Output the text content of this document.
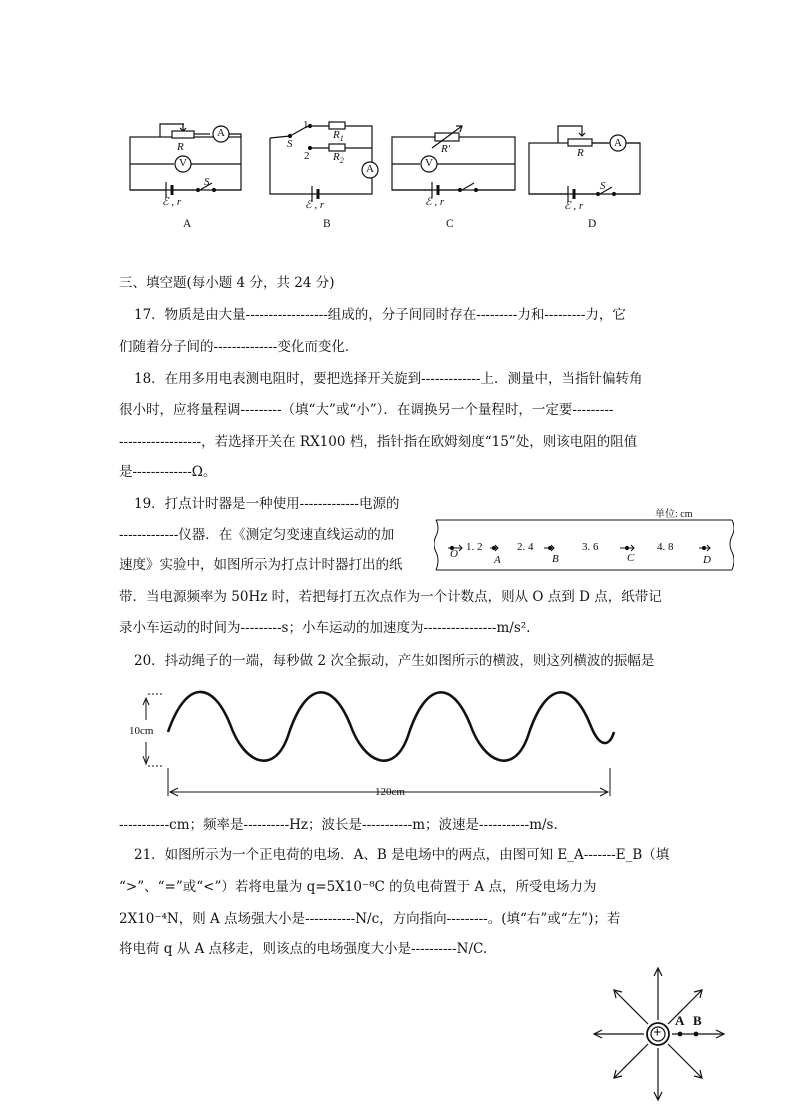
A
V
R
S
ℰ , r
1
2
S
$R_1$
$R_2$
A
ℰ , r
R′
V
ℰ , r
R
A
S
ℰ , r
A	B	C	D
三、填空题(每小题 4 分，共 24 分)
17．物质是由大量‑‑‑‑‑‑‑‑‑‑‑‑‑‑‑‑‑‑组成的，分子间同时存在‑‑‑‑‑‑‑‑‑力和‑‑‑‑‑‑‑‑‑力，它
们随着分子间的‑‑‑‑‑‑‑‑‑‑‑‑‑‑变化而变化．
18．在用多用电表测电阻时，要把选择开关旋到‑‑‑‑‑‑‑‑‑‑‑‑‑上．测量中，当指针偏转角
很小时，应将量程调‑‑‑‑‑‑‑‑‑（填“大”或“小”）．在调换另一个量程时，一定要‑‑‑‑‑‑‑‑‑
‑‑‑‑‑‑‑‑‑‑‑‑‑‑‑‑‑‑，若选择开关在 RX100 档，指针指在欧姆刻度“15”处，则该电阻的阻值
是‑‑‑‑‑‑‑‑‑‑‑‑‑Ω。
19．打点计时器是一种使用‑‑‑‑‑‑‑‑‑‑‑‑‑电源的
‑‑‑‑‑‑‑‑‑‑‑‑‑仪器．在《测定匀变速直线运动的加
速度》实验中，如图所示为打点计时器打出的纸
带．当电源频率为 50Hz 时，若把每打五次点作为一个计数点，则从 O 点到 D 点，纸带记
录小车运动的时间为‑‑‑‑‑‑‑‑‑s；小车运动的加速度为‑‑‑‑‑‑‑‑‑‑‑‑‑‑‑‑m/s².
单位: cm
1. 2	2. 4	3. 6	4. 8
O	A	B	C	D
20．抖动绳子的一端，每秒做 2 次全振动，产生如图所示的横波，则这列横波的振幅是
10cm
120cm
‑‑‑‑‑‑‑‑‑‑‑cm；频率是‑‑‑‑‑‑‑‑‑‑Hz；波长是‑‑‑‑‑‑‑‑‑‑‑m；波速是‑‑‑‑‑‑‑‑‑‑‑m/s.
21．如图所示为一个正电荷的电场．A、B 是电场中的两点，由图可知 E_A‑‑‑‑‑‑‑E_B（填
“>”、“=”或“<”）若将电量为 q=5X10⁻⁸C 的负电荷置于 A 点，所受电场力为
2X10⁻⁴N，则 A 点场强大小是‑‑‑‑‑‑‑‑‑‑‑N/c，方向指向‑‑‑‑‑‑‑‑‑。(填“右”或“左”)；若
将电荷 q 从 A 点移走，则该点的电场强度大小是‑‑‑‑‑‑‑‑‑‑N/C.
+
A B
